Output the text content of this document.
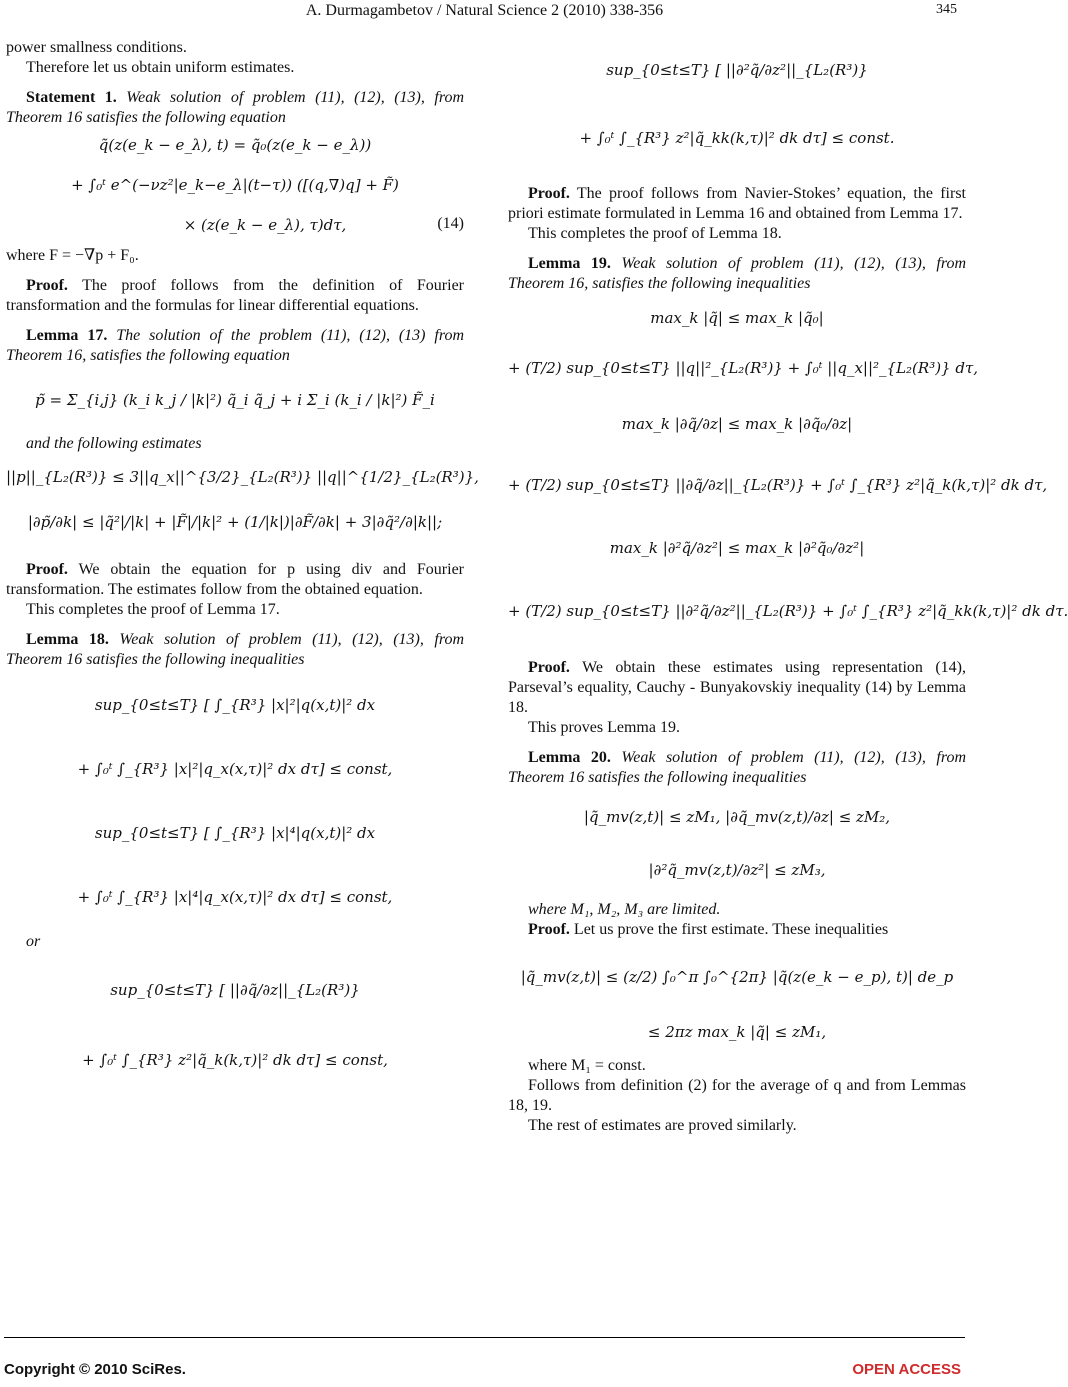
A. Durmagambetov / Natural Science 2 (2010) 338-356	345

power smallness conditions.

Therefore let us obtain uniform estimates.

Statement 1. Weak solution of problem (11), (12), (13), from Theorem 16 satisfies the following equation

q̃(z(e_k − e_λ), t) = q̃₀(z(e_k − e_λ))
+ ∫₀ᵗ e^(−νz²|e_k−e_λ|(t−τ)) ([(q,∇)q] + F̃)
× (z(e_k − e_λ), τ)dτ,	(14)

where F = −∇p + F₀.

Proof. The proof follows from the definition of Fourier transformation and the formulas for linear differential equations.

Lemma 17. The solution of the problem (11), (12), (13) from Theorem 16, satisfies the following equation

p̃ = Σ_{i,j} (k_i k_j / |k|²) q̃_i q̃_j + i Σ_i (k_i / |k|²) F̃_i

and the following estimates

||p||_{L₂(R³)} ≤ 3||q_x||^{3/2}_{L₂(R³)} ||q||^{1/2}_{L₂(R³)},
|∂p̃/∂k| ≤ |q̃²|/|k| + |F̃|/|k|² + (1/|k|)|∂F̃/∂k| + 3|∂q̃²/∂|k||;

Proof. We obtain the equation for p using div and Fourier transformation. The estimates follow from the obtained equation.

This completes the proof of Lemma 17.

Lemma 18. Weak solution of problem (11), (12), (13), from Theorem 16 satisfies the following inequalities

sup_{0≤t≤T} [ ∫_{R³} |x|²|q(x,t)|² dx
+ ∫₀ᵗ ∫_{R³} |x|²|q_x(x,τ)|² dx dτ] ≤ const,
sup_{0≤t≤T} [ ∫_{R³} |x|⁴|q(x,t)|² dx
+ ∫₀ᵗ ∫_{R³} |x|⁴|q_x(x,τ)|² dx dτ] ≤ const,

or

sup_{0≤t≤T} [ ||∂q̃/∂z||_{L₂(R³)}
+ ∫₀ᵗ ∫_{R³} z²|q̃_k(k,τ)|² dk dτ] ≤ const,
sup_{0≤t≤T} [ ||∂²q̃/∂z²||_{L₂(R³)}
+ ∫₀ᵗ ∫_{R³} z²|q̃_kk(k,τ)|² dk dτ] ≤ const.

Proof. The proof follows from Navier-Stokes’ equation, the first priori estimate formulated in Lemma 16 and obtained from Lemma 17.

This completes the proof of Lemma 18.

Lemma 19. Weak solution of problem (11), (12), (13), from Theorem 16, satisfies the following inequalities

max_k |q̃| ≤ max_k |q̃₀|
+ (T/2) sup_{0≤t≤T} ||q||²_{L₂(R³)} + ∫₀ᵗ ||q_x||²_{L₂(R³)} dτ,
max_k |∂q̃/∂z| ≤ max_k |∂q̃₀/∂z|
+ (T/2) sup_{0≤t≤T} ||∂q̃/∂z||_{L₂(R³)} + ∫₀ᵗ ∫_{R³} z²|q̃_k(k,τ)|² dk dτ,
max_k |∂²q̃/∂z²| ≤ max_k |∂²q̃₀/∂z²|
+ (T/2) sup_{0≤t≤T} ||∂²q̃/∂z²||_{L₂(R³)} + ∫₀ᵗ ∫_{R³} z²|q̃_kk(k,τ)|² dk dτ.

Proof. We obtain these estimates using representation (14), Parseval’s equality, Cauchy - Bunyakovskiy inequality (14) by Lemma 18.

This proves Lemma 19.

Lemma 20. Weak solution of problem (11), (12), (13), from Theorem 16 satisfies the following inequalities

|q̃_mv(z,t)| ≤ zM₁, |∂q̃_mv(z,t)/∂z| ≤ zM₂,
|∂²q̃_mv(z,t)/∂z²| ≤ zM₃,

where M₁, M₂, M₃ are limited.

Proof. Let us prove the first estimate. These inequalities

|q̃_mv(z,t)| ≤ (z/2) ∫₀^π ∫₀^{2π} |q̃(z(e_k − e_p), t)| de_p
≤ 2πz max_k |q̃| ≤ zM₁,

where M₁ = const.

Follows from definition (2) for the average of q and from Lemmas 18, 19.

The rest of estimates are proved similarly.

Copyright © 2010 SciRes.	OPEN ACCESS
